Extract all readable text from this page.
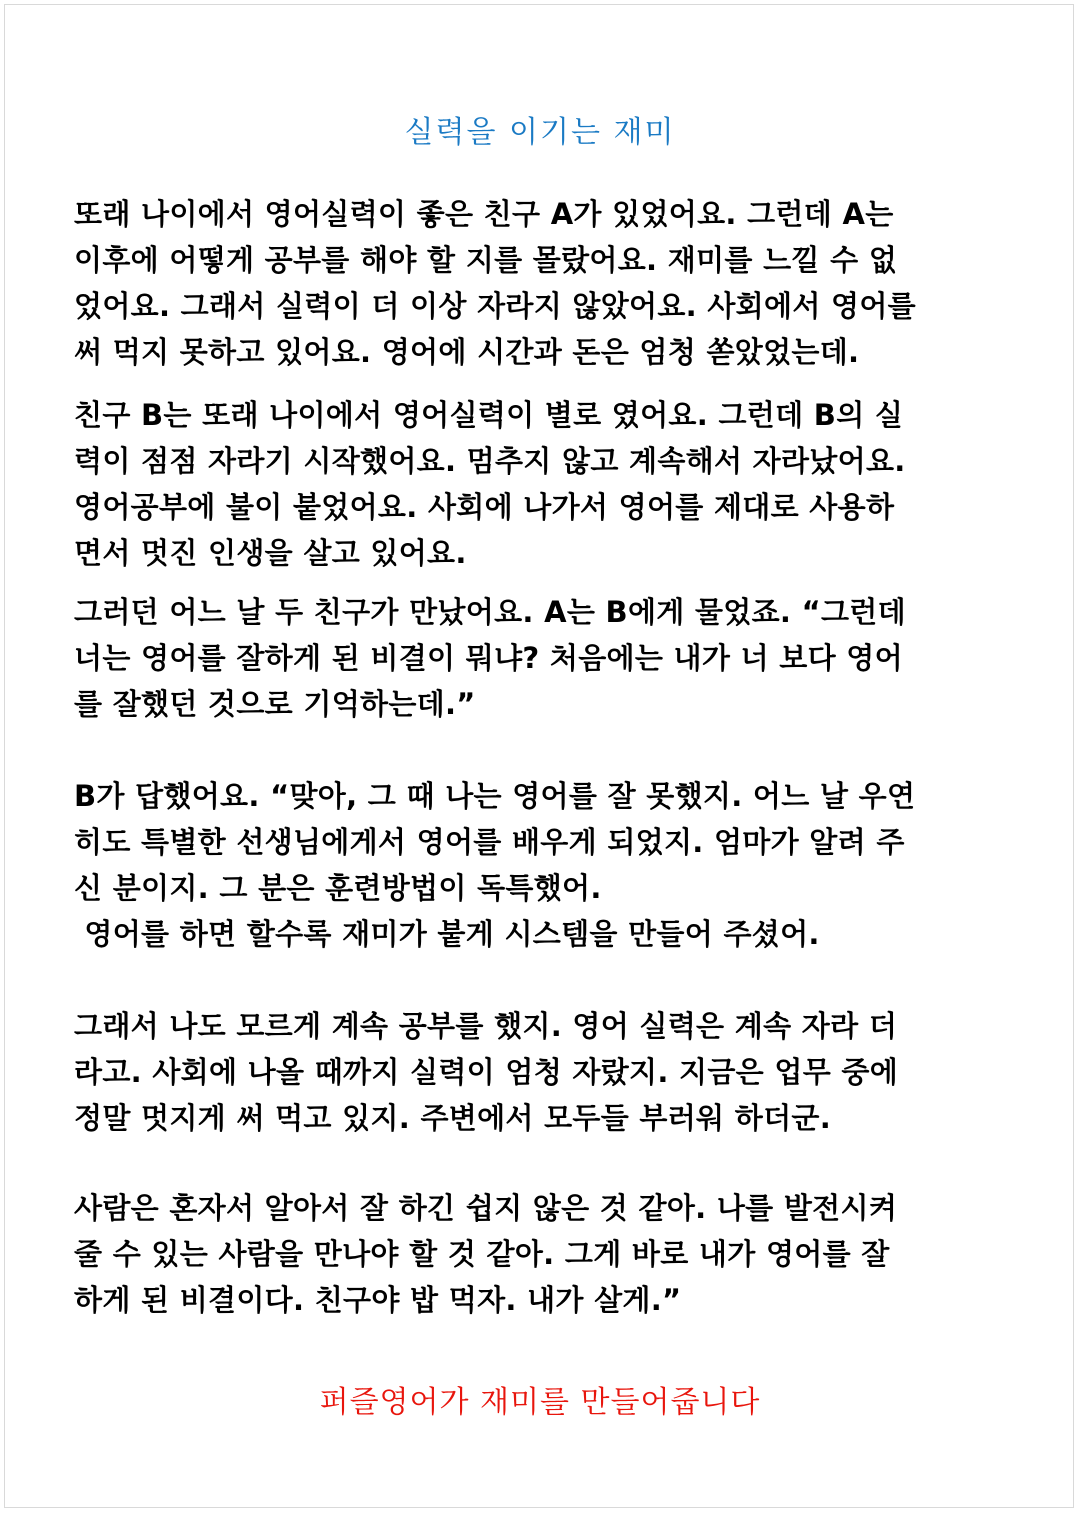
실력을 이기는 재미

또래 나이에서 영어실력이 좋은 친구 A가 있었어요. 그런데 A는
이후에 어떻게 공부를 해야 할 지를 몰랐어요. 재미를 느낄 수 없
었어요. 그래서 실력이 더 이상 자라지 않았어요. 사회에서 영어를
써 먹지 못하고 있어요. 영어에 시간과 돈은 엄청 쏟았었는데.

친구 B는 또래 나이에서 영어실력이 별로 였어요. 그런데 B의 실
력이 점점 자라기 시작했어요. 멈추지 않고 계속해서 자라났어요.
영어공부에 불이 붙었어요. 사회에 나가서 영어를 제대로 사용하
면서 멋진 인생을 살고 있어요.

그러던 어느 날 두 친구가 만났어요. A는 B에게 물었죠. “그런데
너는 영어를 잘하게 된 비결이 뭐냐? 처음에는 내가 너 보다 영어
를 잘했던 것으로 기억하는데.”

B가 답했어요. “맞아, 그 때 나는 영어를 잘 못했지. 어느 날 우연
히도 특별한 선생님에게서 영어를 배우게 되었지. 엄마가 알려 주
신 분이지. 그 분은 훈련방법이 독특했어.
영어를 하면 할수록 재미가 붙게 시스템을 만들어 주셨어.

그래서 나도 모르게 계속 공부를 했지. 영어 실력은 계속 자라 더
라고. 사회에 나올 때까지 실력이 엄청 자랐지. 지금은 업무 중에
정말 멋지게 써 먹고 있지. 주변에서 모두들 부러워 하더군.

사람은 혼자서 알아서 잘 하긴 쉽지 않은 것 같아. 나를 발전시켜
줄 수 있는 사람을 만나야 할 것 같아. 그게 바로 내가 영어를 잘
하게 된 비결이다. 친구야 밥 먹자. 내가 살게.”

퍼즐영어가 재미를 만들어줍니다
